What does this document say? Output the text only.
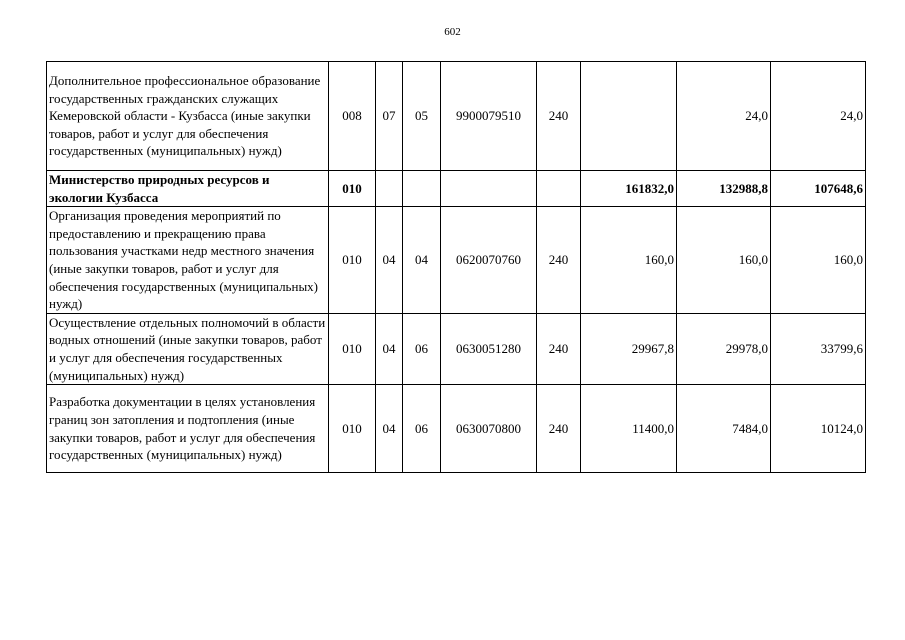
602
Дополнительное профессиональное образование государственных гражданских служащих Кемеровской области - Кузбасса (иные закупки товаров, работ и услуг для обеспечения государственных (муниципальных) нужд)	008	07	05	9900079510	240		24,0	24,0
Министерство природных ресурсов и экологии Кузбасса	010					161832,0	132988,8	107648,6
Организация проведения мероприятий по предоставлению и прекращению права пользования участками недр местного значения (иные закупки товаров, работ и услуг для обеспечения государственных (муниципальных) нужд)	010	04	04	0620070760	240	160,0	160,0	160,0
Осуществление отдельных полномочий в области водных отношений (иные закупки товаров, работ и услуг для обеспечения государственных (муниципальных) нужд)	010	04	06	0630051280	240	29967,8	29978,0	33799,6
Разработка документации в целях установления границ зон затопления и подтопления (иные закупки товаров, работ и услуг для обеспечения государственных (муниципальных) нужд)	010	04	06	0630070800	240	11400,0	7484,0	10124,0
